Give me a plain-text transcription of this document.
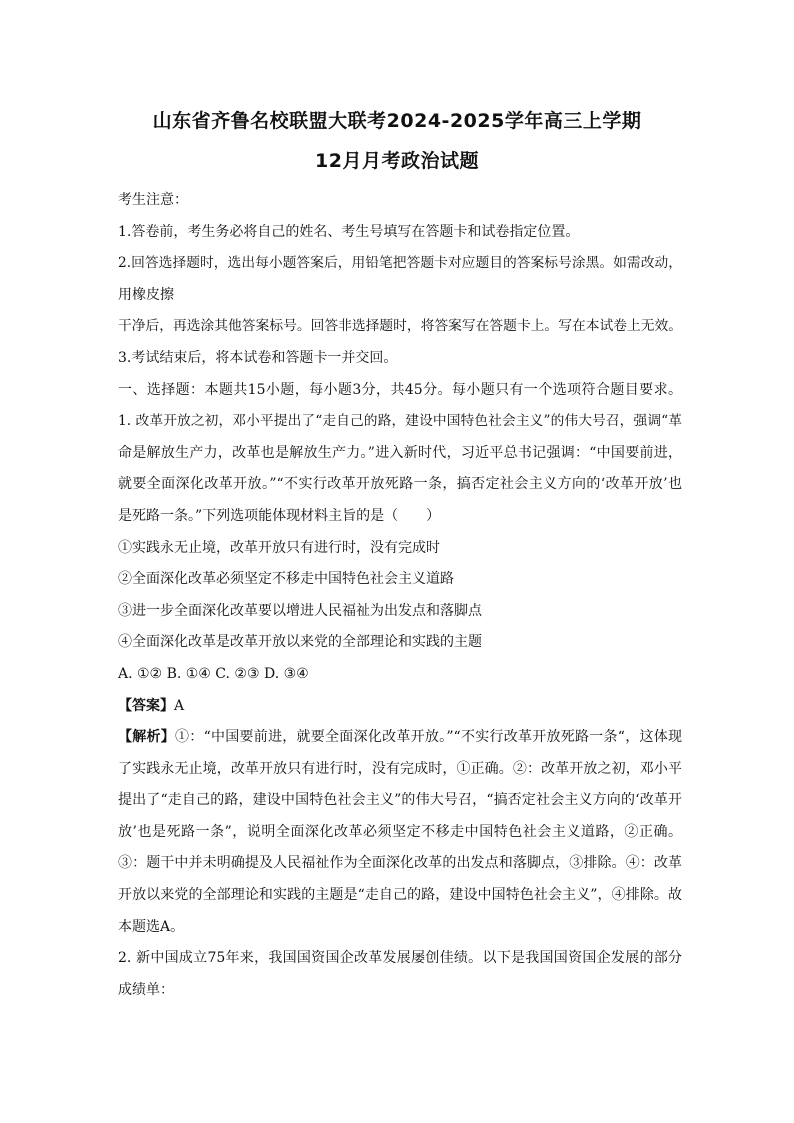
山东省齐鲁名校联盟大联考2024-2025学年高三上学期
12月月考政治试题
考生注意：
1.答卷前，考生务必将自己的姓名、考生号填写在答题卡和试卷指定位置。
2.回答选择题时，选出每小题答案后，用铅笔把答题卡对应题目的答案标号涂黑。如需改动，
用橡皮擦
干净后，再选涂其他答案标号。回答非选择题时，将答案写在答题卡上。写在本试卷上无效。
3.考试结束后，将本试卷和答题卡一并交回。
一、选择题：本题共15小题，每小题3分，共45分。每小题只有一个选项符合题目要求。
1. 改革开放之初，邓小平提出了“走自己的路，建设中国特色社会主义”的伟大号召，强调“革
命是解放生产力，改革也是解放生产力。”进入新时代，习近平总书记强调：“中国要前进，
就要全面深化改革开放。”“不实行改革开放死路一条，搞否定社会主义方向的‘改革开放’也
是死路一条。”下列选项能体现材料主旨的是（　　）
①实践永无止境，改革开放只有进行时，没有完成时
②全面深化改革必须坚定不移走中国特色社会主义道路
③进一步全面深化改革要以增进人民福祉为出发点和落脚点
④全面深化改革是改革开放以来党的全部理论和实践的主题
A. ①② B. ①④ C. ②③ D. ③④
【答案】A
【解析】①：“中国要前进，就要全面深化改革开放。”“不实行改革开放死路一条“，这体现
了实践永无止境，改革开放只有进行时，没有完成时，①正确。②：改革开放之初，邓小平
提出了“走自己的路，建设中国特色社会主义”的伟大号召，“搞否定社会主义方向的‘改革开
放’也是死路一条”，说明全面深化改革必须坚定不移走中国特色社会主义道路，②正确。
③：题干中并未明确提及人民福祉作为全面深化改革的出发点和落脚点，③排除。④：改革
开放以来党的全部理论和实践的主题是“走自己的路，建设中国特色社会主义”，④排除。故
本题选A。
2. 新中国成立75年来，我国国资国企改革发展屡创佳绩。以下是我国国资国企发展的部分
成绩单：
